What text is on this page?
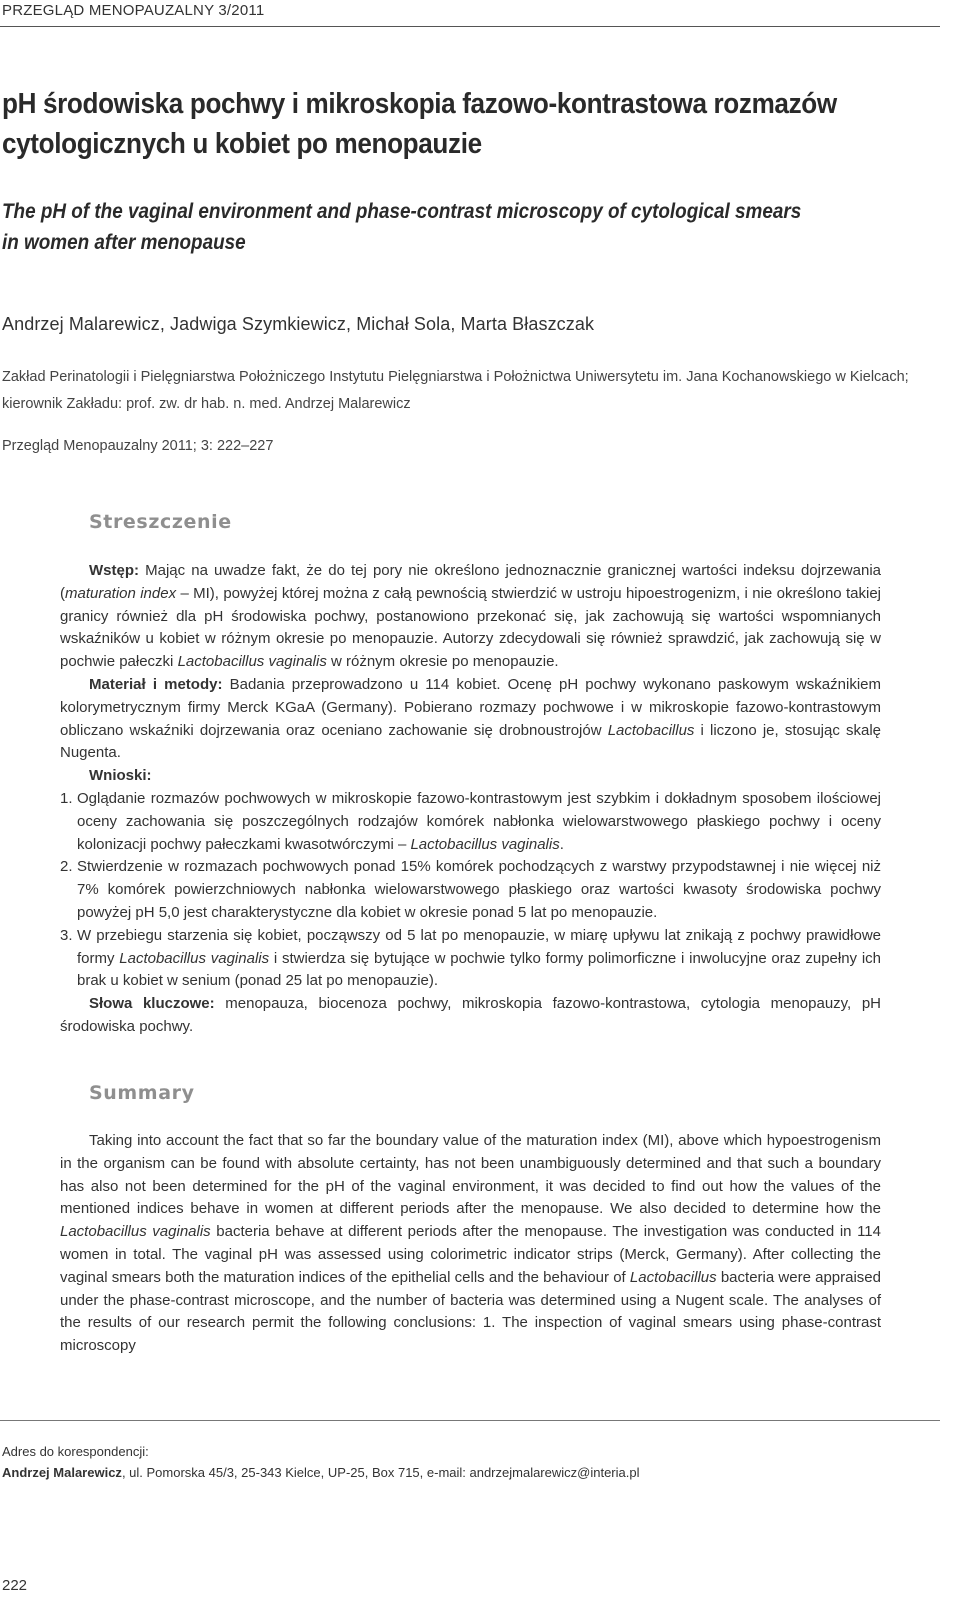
PRZEGLĄD MENOPAUZALNY 3/2011
pH środowiska pochwy i mikroskopia fazowo-kontrastowa rozmazów
cytologicznych u kobiet po menopauzie
The pH of the vaginal environment and phase-contrast microscopy of cytological smears
in women after menopause
Andrzej Malarewicz, Jadwiga Szymkiewicz, Michał Sola, Marta Błaszczak
Zakład Perinatologii i Pielęgniarstwa Położniczego Instytutu Pielęgniarstwa i Położnictwa Uniwersytetu im. Jana Kochanowskiego w Kielcach;
kierownik Zakładu: prof. zw. dr hab. n. med. Andrzej Malarewicz
Przegląd Menopauzalny 2011; 3: 222–227
Streszczenie

Wstęp: Mając na uwadze fakt, że do tej pory nie określono jednoznacznie granicznej wartości indeksu dojrzewania (maturation index – MI), powyżej której można z całą pewnością stwierdzić w ustroju hipoestrogenizm, i nie określono takiej granicy również dla pH środowiska pochwy, postanowiono przekonać się, jak zachowują się wartości wspomnianych wskaźników u kobiet w różnym okresie po menopauzie. Autorzy zdecydowali się również sprawdzić, jak zachowują się w pochwie pałeczki Lactobacillus vaginalis w różnym okresie po menopauzie.

Materiał i metody: Badania przeprowadzono u 114 kobiet. Ocenę pH pochwy wykonano paskowym wskaźnikiem kolorymetrycznym firmy Merck KGaA (Germany). Pobierano rozmazy pochwowe i w mikroskopie fazowo-kontrastowym obliczano wskaźniki dojrzewania oraz oceniano zachowanie się drobnoustrojów Lactobacillus i liczono je, stosując skalę Nugenta.

Wnioski:

1. Oglądanie rozmazów pochwowych w mikroskopie fazowo-kontrastowym jest szybkim i dokładnym sposobem ilościowej oceny zachowania się poszczególnych rodzajów komórek nabłonka wielowarstwowego płaskiego pochwy i oceny kolonizacji pochwy pałeczkami kwasotwórczymi – Lactobacillus vaginalis.
2. Stwierdzenie w rozmazach pochwowych ponad 15% komórek pochodzących z warstwy przypodstawnej i nie więcej niż 7% komórek powierzchniowych nabłonka wielowarstwowego płaskiego oraz wartości kwasoty środowiska pochwy powyżej pH 5,0 jest charakterystyczne dla kobiet w okresie ponad 5 lat po menopauzie.
3. W przebiegu starzenia się kobiet, począwszy od 5 lat po menopauzie, w miarę upływu lat znikają z pochwy prawidłowe formy Lactobacillus vaginalis i stwierdza się bytujące w pochwie tylko formy polimorficzne i inwolucyjne oraz zupełny ich brak u kobiet w senium (ponad 25 lat po menopauzie).

Słowa kluczowe: menopauza, biocenoza pochwy, mikroskopia fazowo-kontrastowa, cytologia menopauzy, pH środowiska pochwy.

Summary
Taking into account the fact that so far the boundary value of the maturation index (MI), above which hypoestrogenism in the organism can be found with absolute certainty, has not been unambiguously determined and that such a boundary has also not been determined for the pH of the vaginal environment, it was decided to find out how the values of the mentioned indices behave in women at different periods after the menopause. We also decided to determine how the Lactobacillus vaginalis bacteria behave at different periods after the menopause. The investigation was conducted in 114 women in total. The vaginal pH was assessed using colorimetric indicator strips (Merck, Germany). After collecting the vaginal smears both the maturation indices of the epithelial cells and the behaviour of Lactobacillus bacteria were appraised under the phase-contrast microscope, and the number of bacteria was determined using a Nugent scale. The analyses of the results of our research permit the following conclusions: 1. The inspection of vaginal smears using phase-contrast microscopy
Adres do korespondencji:
Andrzej Malarewicz, ul. Pomorska 45/3, 25-343 Kielce, UP-25, Box 715, e-mail: andrzejmalarewicz@interia.pl
222
